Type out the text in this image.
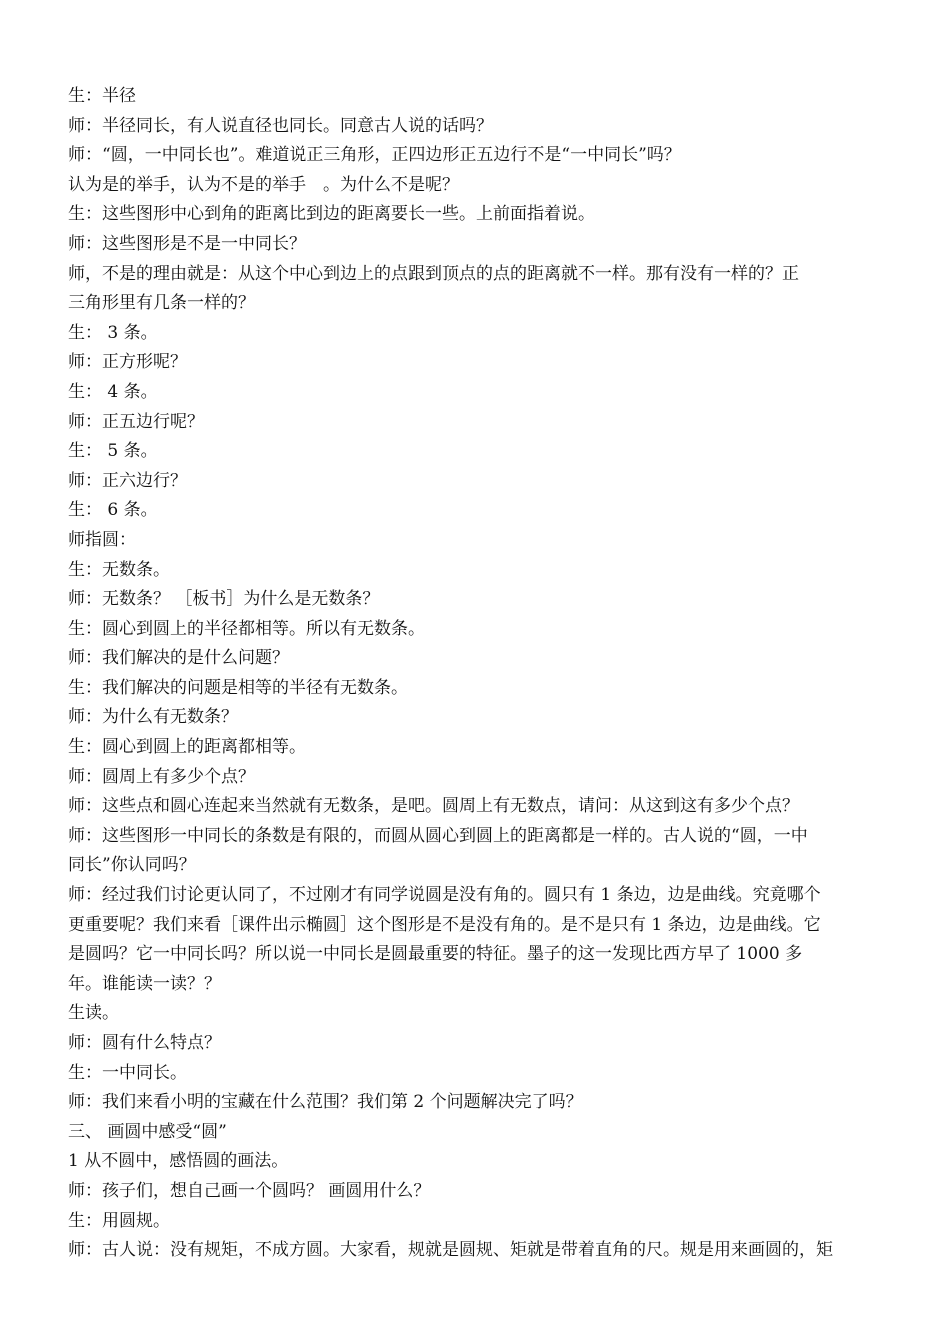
生：半径
师：半径同长，有人说直径也同长。同意古人说的话吗？
师：“圆，一中同长也”。难道说正三角形，正四边形正五边行不是“一中同长”吗？
认为是的举手，认为不是的举手　。为什么不是呢？
生：这些图形中心到角的距离比到边的距离要长一些。上前面指着说。
师：这些图形是不是一中同长？
师，不是的理由就是：从这个中心到边上的点跟到顶点的点的距离就不一样。那有没有一样的？正
三角形里有几条一样的？
生： 3 条。
师：正方形呢？
生： 4 条。
师：正五边行呢？
生： 5 条。
师：正六边行？
生： 6 条。
师指圆：
生：无数条。
师：无数条？ ［板书］为什么是无数条？
生：圆心到圆上的半径都相等。所以有无数条。
师：我们解决的是什么问题？
生：我们解决的问题是相等的半径有无数条。
师：为什么有无数条？
生：圆心到圆上的距离都相等。
师：圆周上有多少个点？
师：这些点和圆心连起来当然就有无数条，是吧。圆周上有无数点，请问：从这到这有多少个点？
师：这些图形一中同长的条数是有限的，而圆从圆心到圆上的距离都是一样的。古人说的“圆，一中
同长”你认同吗？
师：经过我们讨论更认同了，不过刚才有同学说圆是没有角的。圆只有 1 条边，边是曲线。究竟哪个
更重要呢？我们来看［课件出示椭圆］这个图形是不是没有角的。是不是只有 1 条边，边是曲线。它
是圆吗？它一中同长吗？所以说一中同长是圆最重要的特征。墨子的这一发现比西方早了 1000 多
年。谁能读一读？？
生读。
师：圆有什么特点？
生：一中同长。
师：我们来看小明的宝藏在什么范围？我们第 2 个问题解决完了吗？
三、 画圆中感受“圆”
1 从不圆中，感悟圆的画法。
师：孩子们，想自己画一个圆吗？ 画圆用什么？
生：用圆规。
师：古人说：没有规矩，不成方圆。大家看，规就是圆规、矩就是带着直角的尺。规是用来画圆的，矩
